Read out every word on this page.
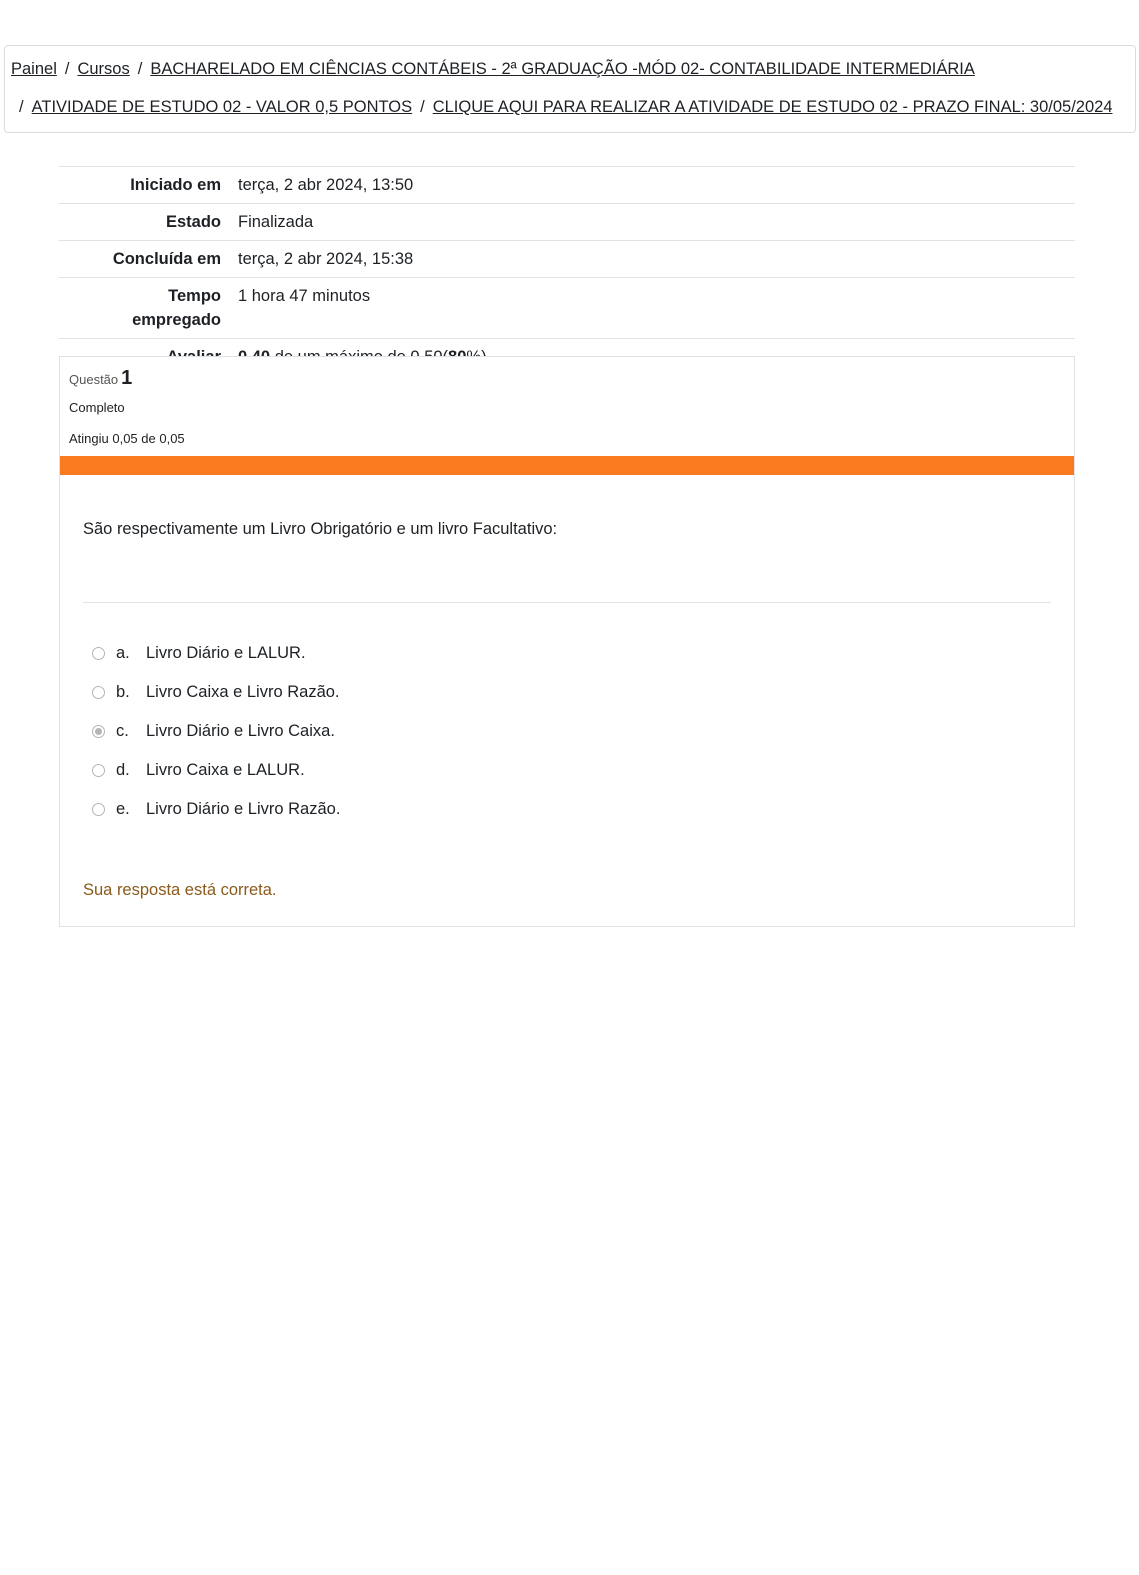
Painel / Cursos / BACHARELADO EM CIÊNCIAS CONTÁBEIS - 2ª GRADUAÇÃO -MÓD 02- CONTABILIDADE INTERMEDIÁRIA
/ ATIVIDADE DE ESTUDO 02 - VALOR 0,5 PONTOS / CLIQUE AQUI PARA REALIZAR A ATIVIDADE DE ESTUDO 02 - PRAZO FINAL: 30/05/2024
Iniciado em	terça, 2 abr 2024, 13:50

Estado	Finalizada

Concluída em	terça, 2 abr 2024, 15:38

Tempo
empregado	1 hora 47 minutos

Questão 1
Completo
Atingiu 0,05 de 0,05
São respectivamente um Livro Obrigatório e um livro Facultativo:
a. Livro Diário e LALUR.
b. Livro Caixa e Livro Razão.
c.	Livro Diário e Livro Caixa.
d. Livro Caixa e LALUR.
e. Livro Diário e Livro Razão.
Sua resposta está correta.
